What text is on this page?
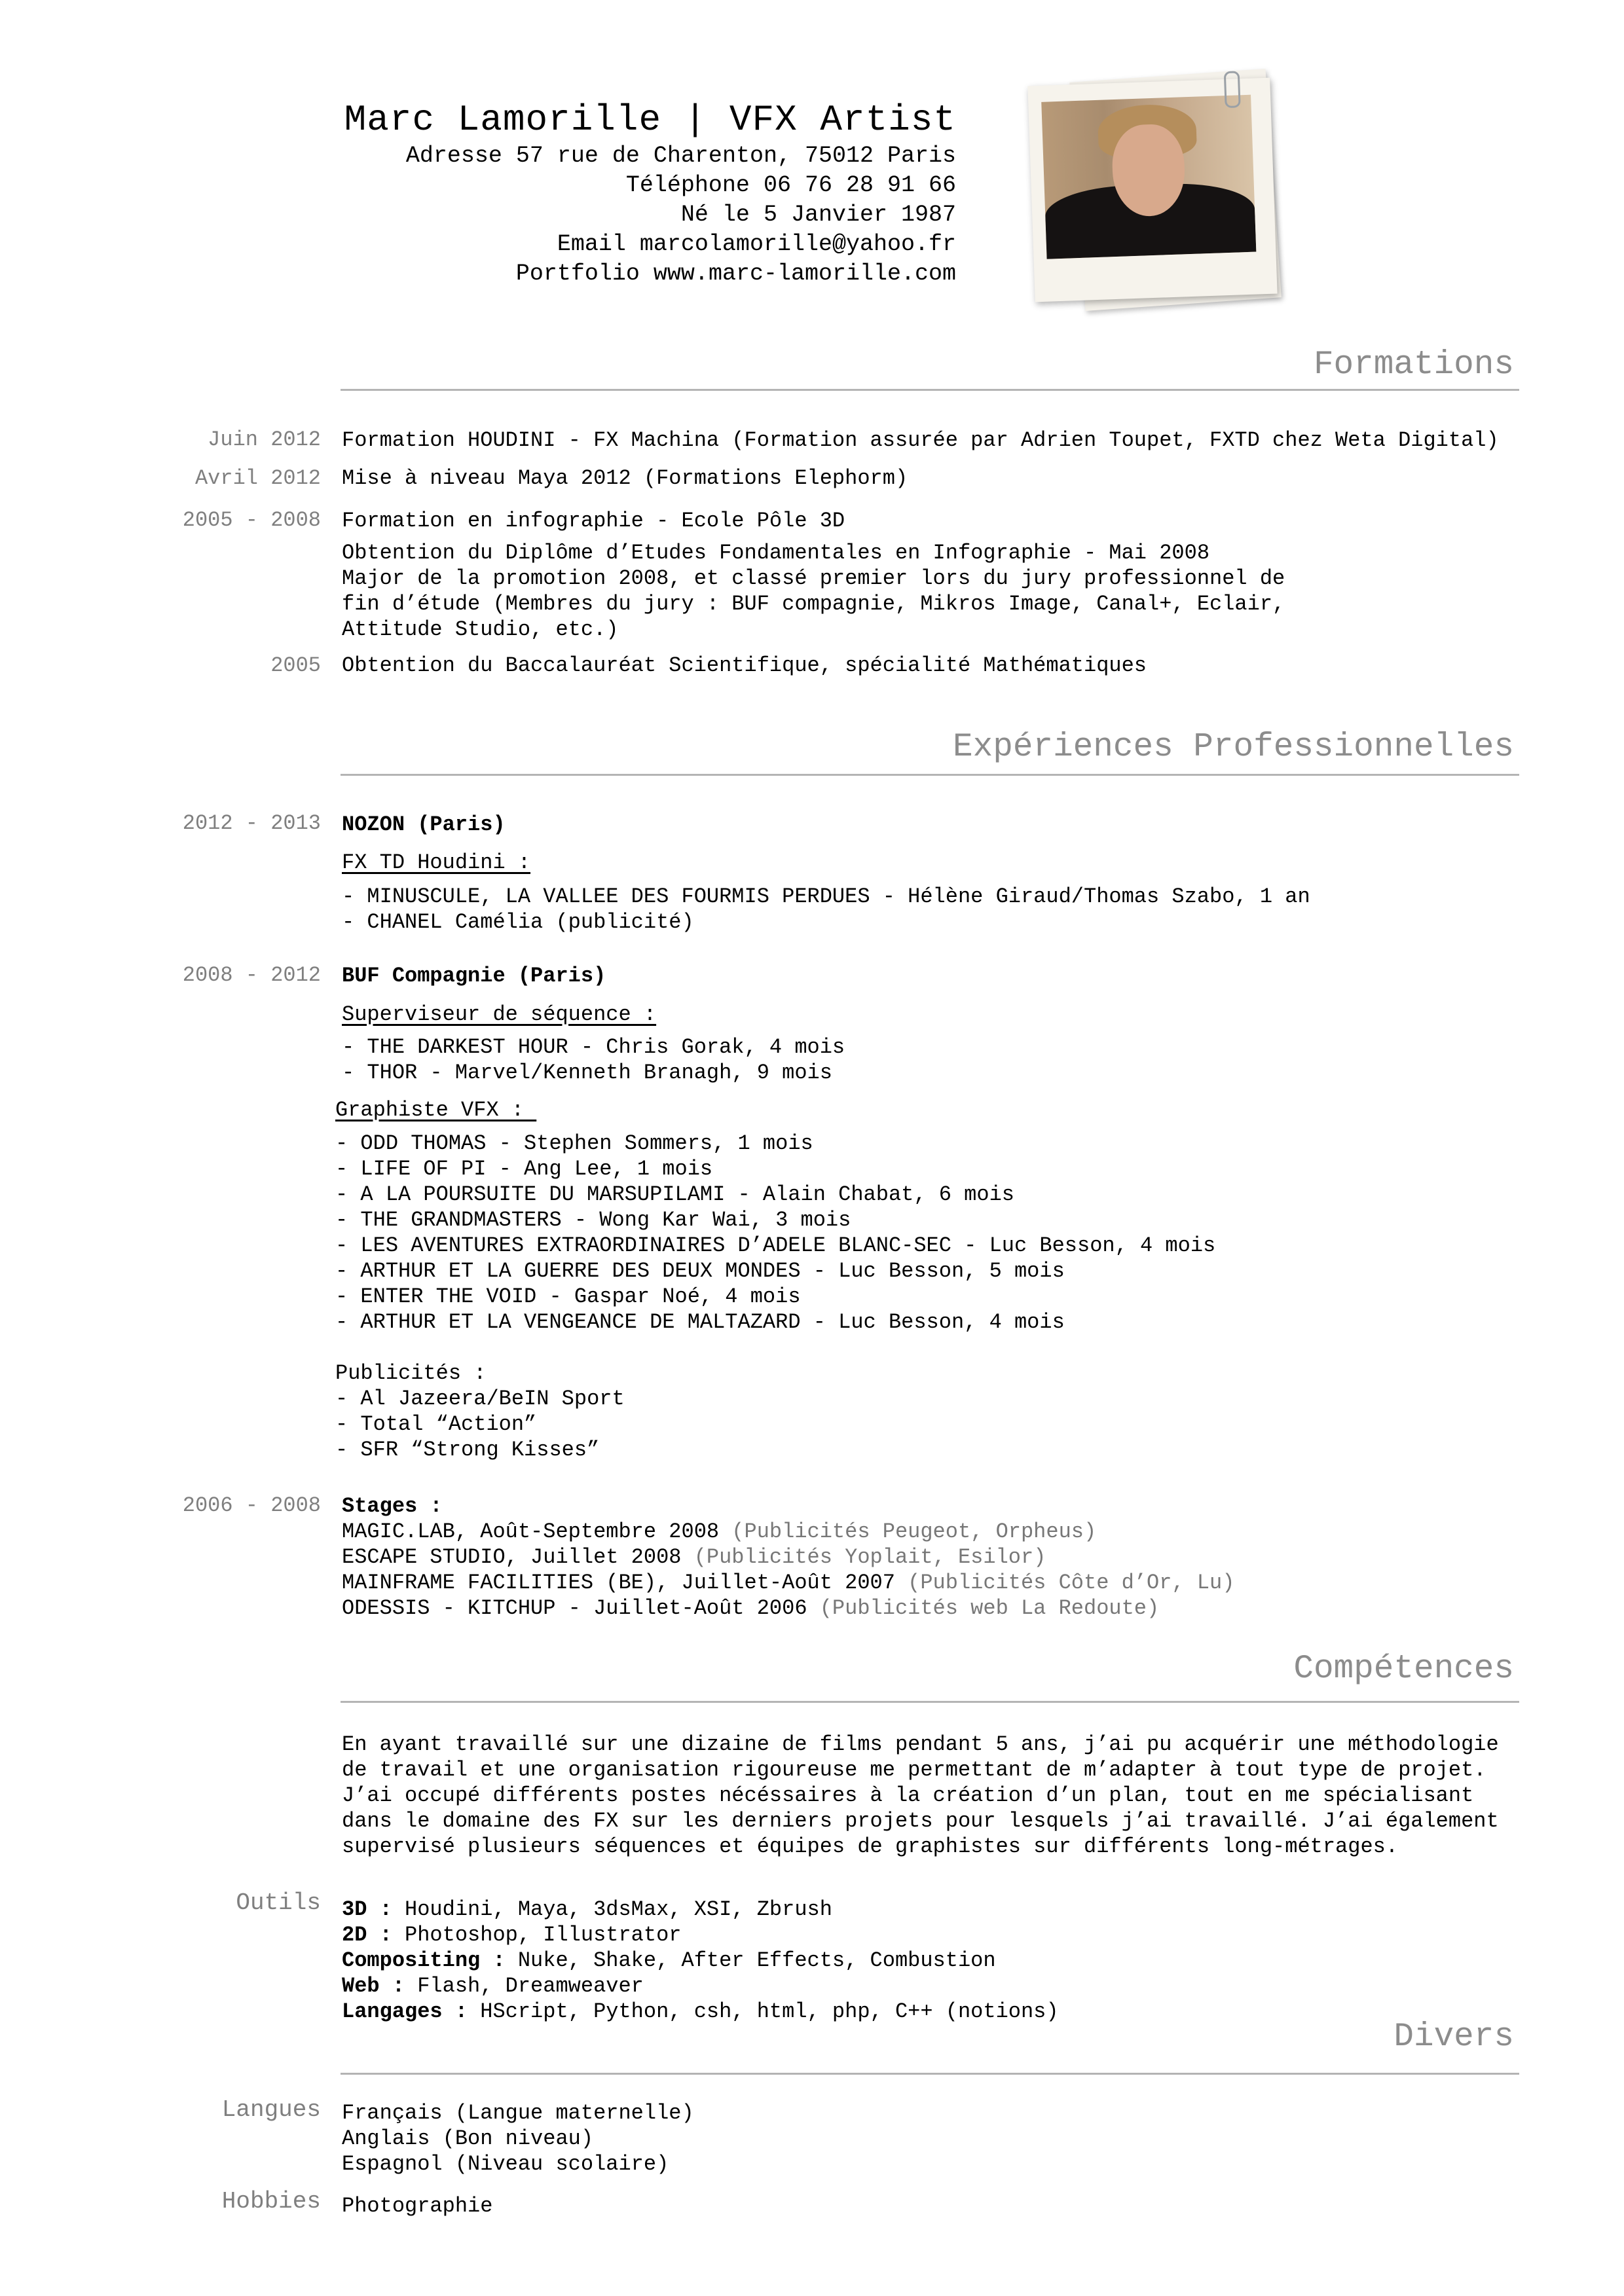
Marc Lamorille | VFX Artist
Adresse 57 rue de Charenton, 75012 Paris
Téléphone 06 76 28 91 66
Né le 5 Janvier 1987
Email marcolamorille@yahoo.fr
Portfolio www.marc-lamorille.com
Formations
Juin 2012 Formation HOUDINI - FX Machina (Formation assurée par Adrien Toupet, FXTD chez Weta Digital)
Avril 2012 Mise à niveau Maya 2012 (Formations Elephorm)
2005 - 2008 Formation en infographie - Ecole Pôle 3D
Obtention du Diplôme d’Etudes Fondamentales en Infographie - Mai 2008
Major de la promotion 2008, et classé premier lors du jury professionnel de
fin d’étude (Membres du jury : BUF compagnie, Mikros Image, Canal+, Eclair,
Attitude Studio, etc.)
2005 Obtention du Baccalauréat Scientifique, spécialité Mathématiques
Expériences Professionnelles
2012 - 2013 NOZON (Paris)
FX TD Houdini :
- MINUSCULE, LA VALLEE DES FOURMIS PERDUES - Hélène Giraud/Thomas Szabo, 1 an
- CHANEL Camélia (publicité)
2008 - 2012 BUF Compagnie (Paris)
Superviseur de séquence :
- THE DARKEST HOUR - Chris Gorak, 4 mois
- THOR - Marvel/Kenneth Branagh, 9 mois
Graphiste VFX :
- ODD THOMAS - Stephen Sommers, 1 mois
- LIFE OF PI - Ang Lee, 1 mois
- A LA POURSUITE DU MARSUPILAMI - Alain Chabat, 6 mois
- THE GRANDMASTERS - Wong Kar Wai, 3 mois
- LES AVENTURES EXTRAORDINAIRES D’ADELE BLANC-SEC - Luc Besson, 4 mois
- ARTHUR ET LA GUERRE DES DEUX MONDES - Luc Besson, 5 mois
- ENTER THE VOID - Gaspar Noé, 4 mois
- ARTHUR ET LA VENGEANCE DE MALTAZARD - Luc Besson, 4 mois
Publicités :
- Al Jazeera/BeIN Sport
- Total “Action”
- SFR “Strong Kisses”
2006 - 2008 Stages :
MAGIC.LAB, Août-Septembre 2008 (Publicités Peugeot, Orpheus)
ESCAPE STUDIO, Juillet 2008 (Publicités Yoplait, Esilor)
MAINFRAME FACILITIES (BE), Juillet-Août 2007 (Publicités Côte d’Or, Lu)
ODESSIS - KITCHUP - Juillet-Août 2006 (Publicités web La Redoute)
Compétences
En ayant travaillé sur une dizaine de films pendant 5 ans, j’ai pu acquérir une méthodologie
de travail et une organisation rigoureuse me permettant de m’adapter à tout type de projet.
J’ai occupé différents postes nécéssaires à la création d’un plan, tout en me spécialisant
dans le domaine des FX sur les derniers projets pour lesquels j’ai travaillé. J’ai également
supervisé plusieurs séquences et équipes de graphistes sur différents long-métrages.
Outils 3D : Houdini, Maya, 3dsMax, XSI, Zbrush
2D : Photoshop, Illustrator
Compositing : Nuke, Shake, After Effects, Combustion
Web : Flash, Dreamweaver
Langages : HScript, Python, csh, html, php, C++ (notions)
Divers
Langues Français (Langue maternelle)
Anglais (Bon niveau)
Espagnol (Niveau scolaire)
Hobbies Photographie
